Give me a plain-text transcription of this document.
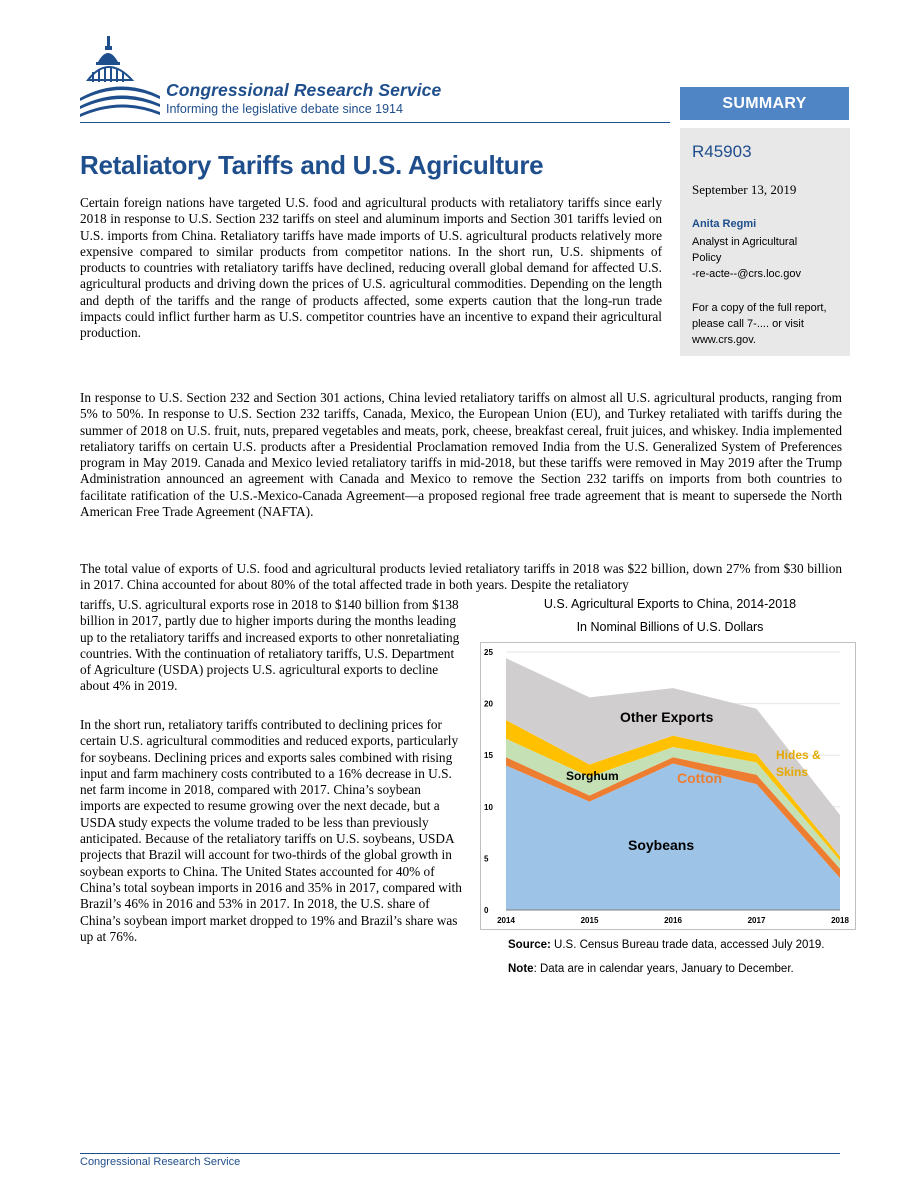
Congressional Research Service
Informing the legislative debate since 1914	SUMMARY
R45903
September 13, 2019
Anita Regmi
Analyst in Agricultural
Policy
-re-acte--@crs.loc.gov
For a copy of the full report,
please call 7-.... or visit
www.crs.gov.
Retaliatory Tariffs and U.S. Agriculture
Certain foreign nations have targeted U.S. food and agricultural products with retaliatory tariffs since early 2018 in response to U.S. Section 232 tariffs on steel and aluminum imports and Section 301 tariffs levied on U.S. imports from China. Retaliatory tariffs have made imports of U.S. agricultural products relatively more expensive compared to similar products from competitor nations. In the short run, U.S. shipments of products to countries with retaliatory tariffs have declined, reducing overall global demand for affected U.S. agricultural products and driving down the prices of U.S. agricultural commodities. Depending on the length and depth of the tariffs and the range of products affected, some experts caution that the long-run trade impacts could inflict further harm as U.S. competitor countries have an incentive to expand their agricultural production.
In response to U.S. Section 232 and Section 301 actions, China levied retaliatory tariffs on almost all U.S. agricultural products, ranging from 5% to 50%. In response to U.S. Section 232 tariffs, Canada, Mexico, the European Union (EU), and Turkey retaliated with tariffs during the summer of 2018 on U.S. fruit, nuts, prepared vegetables and meats, pork, cheese, breakfast cereal, fruit juices, and whiskey. India implemented retaliatory tariffs on certain U.S. products after a Presidential Proclamation removed India from the U.S. Generalized System of Preferences program in May 2019. Canada and Mexico levied retaliatory tariffs in mid-2018, but these tariffs were removed in May 2019 after the Trump Administration announced an agreement with Canada and Mexico to remove the Section 232 tariffs on imports from both countries to facilitate ratification of the U.S.-Mexico-Canada Agreement—a proposed regional free trade agreement that is meant to supersede the North American Free Trade Agreement (NAFTA).
The total value of exports of U.S. food and agricultural products levied retaliatory tariffs in 2018 was $22 billion, down 27% from $30 billion in 2017. China accounted for about 80% of the total affected trade in both years. Despite the retaliatory
tariffs, U.S. agricultural exports rose in 2018 to $140 billion from $138 billion in 2017, partly due to higher imports during the months leading up to the retaliatory tariffs and increased exports to other nonretaliating countries. With the continuation of retaliatory tariffs, U.S. Department of Agriculture (USDA) projects U.S. agricultural exports to decline about 4% in 2019.
In the short run, retaliatory tariffs contributed to declining prices for certain U.S. agricultural commodities and reduced exports, particularly for soybeans. Declining prices and exports sales combined with rising input and farm machinery costs contributed to a 16% decrease in U.S. net farm income in 2018, compared with 2017. China’s soybean imports are expected to resume growing over the next decade, but a USDA study expects the volume traded to be less than previously anticipated. Because of the retaliatory tariffs on U.S. soybeans, USDA projects that Brazil will account for two-thirds of the global growth in soybean exports to China. The United States accounted for 40% of China’s total soybean imports in 2016 and 35% in 2017, compared with Brazil’s 46% in 2016 and 53% in 2017. In 2018, the U.S. share of China’s soybean import market dropped to 19% and Brazil’s share was up at 76%.
U.S. Agricultural Exports to China, 2014-2018
In Nominal Billions of U.S. Dollars
0
5
10
15
20
25
2014	2015	2016	2017	2018
Other Exports
Sorghum	Cotton
Hides &
Skins
Soybeans
Source: U.S. Census Bureau trade data, accessed July 2019.
Note: Data are in calendar years, January to December.
Congressional Research Service
